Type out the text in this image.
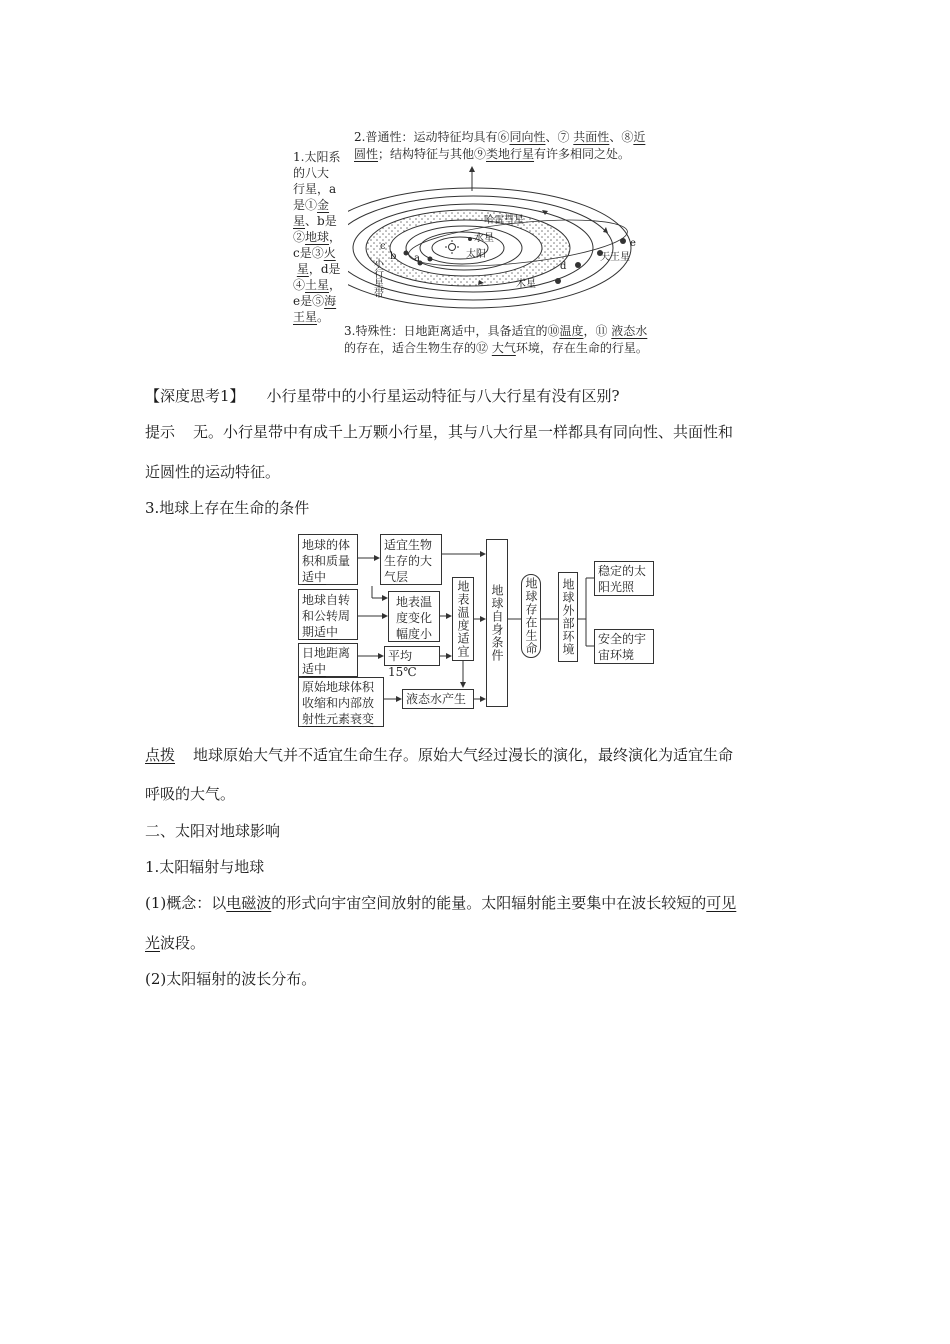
2.普通性：运动特征均具有⑥同向性、⑦ 共面性、⑧近
圆性；结构特征与其他⑨类地行星有许多相同之处。
1.太阳系
的八大
行星，a
是①金
星、b是
②地球，
c是③火
星，d是
④土星，
e是⑤海
王星。
哈雷彗星
水星
太阳
小行星带
木星
天王星
a
b
c
d
e
3.特殊性：日地距离适中，具备适宜的⑩温度，⑪ 液态水
的存在，适合生物生存的⑫ 大气环境，存在生命的行星。
【深度思考1】 小行星带中的小行星运动特征与八大行星有没有区别?
提示 无。小行星带中有成千上万颗小行星，其与八大行星一样都具有同向性、共面性和
近圆性的运动特征。
3.地球上存在生命的条件
地球的体
积和质量
适中
地球自转
和公转周
期适中
日地距离
适中
原始地球体积
收缩和内部放
射性元素衰变
适宜生物
生存的大
气层
地表温
度变化
幅度小
平均15℃
液态水产生
地表温度适宜 地球自身条件 地球存在生命 地球外部环境
稳定的太
阳光照
安全的宇
宙环境
点拨 地球原始大气并不适宜生命生存。原始大气经过漫长的演化，最终演化为适宜生命
呼吸的大气。
二、太阳对地球影响
1.太阳辐射与地球
(1)概念：以电磁波的形式向宇宙空间放射的能量。太阳辐射能主要集中在波长较短的可见
光波段。
(2)太阳辐射的波长分布。
